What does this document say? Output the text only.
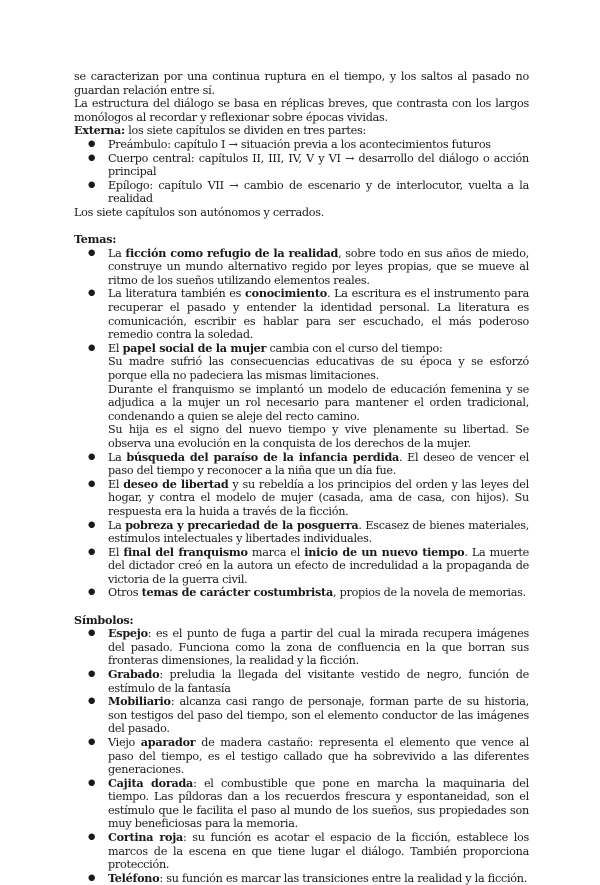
se caracterizan por una continua ruptura en el tiempo, y los saltos al pasado no guardan relación entre sí.

La estructura del diálogo se basa en réplicas breves, que contrasta con los largos monólogos al recordar y reflexionar sobre épocas vividas.

Externa: los siete capítulos se dividen en tres partes:

● Preámbulo: capítulo I → situación previa a los acontecimientos futuros
● Cuerpo central: capítulos II, III, IV, V y VI → desarrollo del diálogo o acción principal
● Epílogo: capítulo VII → cambio de escenario y de interlocutor, vuelta a la realidad

Los siete capítulos son autónomos y cerrados.

Temas:

● La ficción como refugio de la realidad, sobre todo en sus años de miedo, construye un mundo alternativo regido por leyes propias, que se mueve al ritmo de los sueños utilizando elementos reales.
● La literatura también es conocimiento. La escritura es el instrumento para recuperar el pasado y entender la identidad personal. La literatura es comunicación, escribir es hablar para ser escuchado, el más poderoso remedio contra la soledad.
● El papel social de la mujer cambia con el curso del tiempo:
Su madre sufrió las consecuencias educativas de su época y se esforzó porque ella no padeciera las mismas limitaciones.
Durante el franquismo se implantó un modelo de educación femenina y se adjudica a la mujer un rol necesario para mantener el orden tradicional, condenando a quien se aleje del recto camino.
Su hija es el signo del nuevo tiempo y vive plenamente su libertad. Se observa una evolución en la conquista de los derechos de la mujer.
● La búsqueda del paraíso de la infancia perdida. El deseo de vencer el paso del tiempo y reconocer a la niña que un día fue.
● El deseo de libertad y su rebeldía a los principios del orden y las leyes del hogar, y contra el modelo de mujer (casada, ama de casa, con hijos). Su respuesta era la huida a través de la ficción.
● La pobreza y precariedad de la posguerra. Escasez de bienes materiales, estímulos intelectuales y libertades individuales.
● El final del franquismo marca el inicio de un nuevo tiempo. La muerte del dictador creó en la autora un efecto de incredulidad a la propaganda de victoria de la guerra civil.
● Otros temas de carácter costumbrista, propios de la novela de memorias.

Símbolos:

● Espejo: es el punto de fuga a partir del cual la mirada recupera imágenes del pasado. Funciona como la zona de confluencia en la que borran sus fronteras dimensiones, la realidad y la ficción.
● Grabado: preludia la llegada del visitante vestido de negro, función de estímulo de la fantasía
● Mobiliario: alcanza casi rango de personaje, forman parte de su historia, son testigos del paso del tiempo, son el elemento conductor de las imágenes del pasado.
● Viejo aparador de madera castaño: representa el elemento que vence al paso del tiempo, es el testigo callado que ha sobrevivido a las diferentes generaciones.
● Cajita dorada: el combustible que pone en marcha la maquinaria del tiempo. Las píldoras dan a los recuerdos frescura y espontaneidad, son el estímulo que le facilita el paso al mundo de los sueños, sus propiedades son muy beneficiosas para la memoria.
● Cortina roja: su función es acotar el espacio de la ficción, establece los marcos de la escena en que tiene lugar el diálogo. También proporciona protección.
● Teléfono: su función es marcar las transiciones entre la realidad y la ficción.
